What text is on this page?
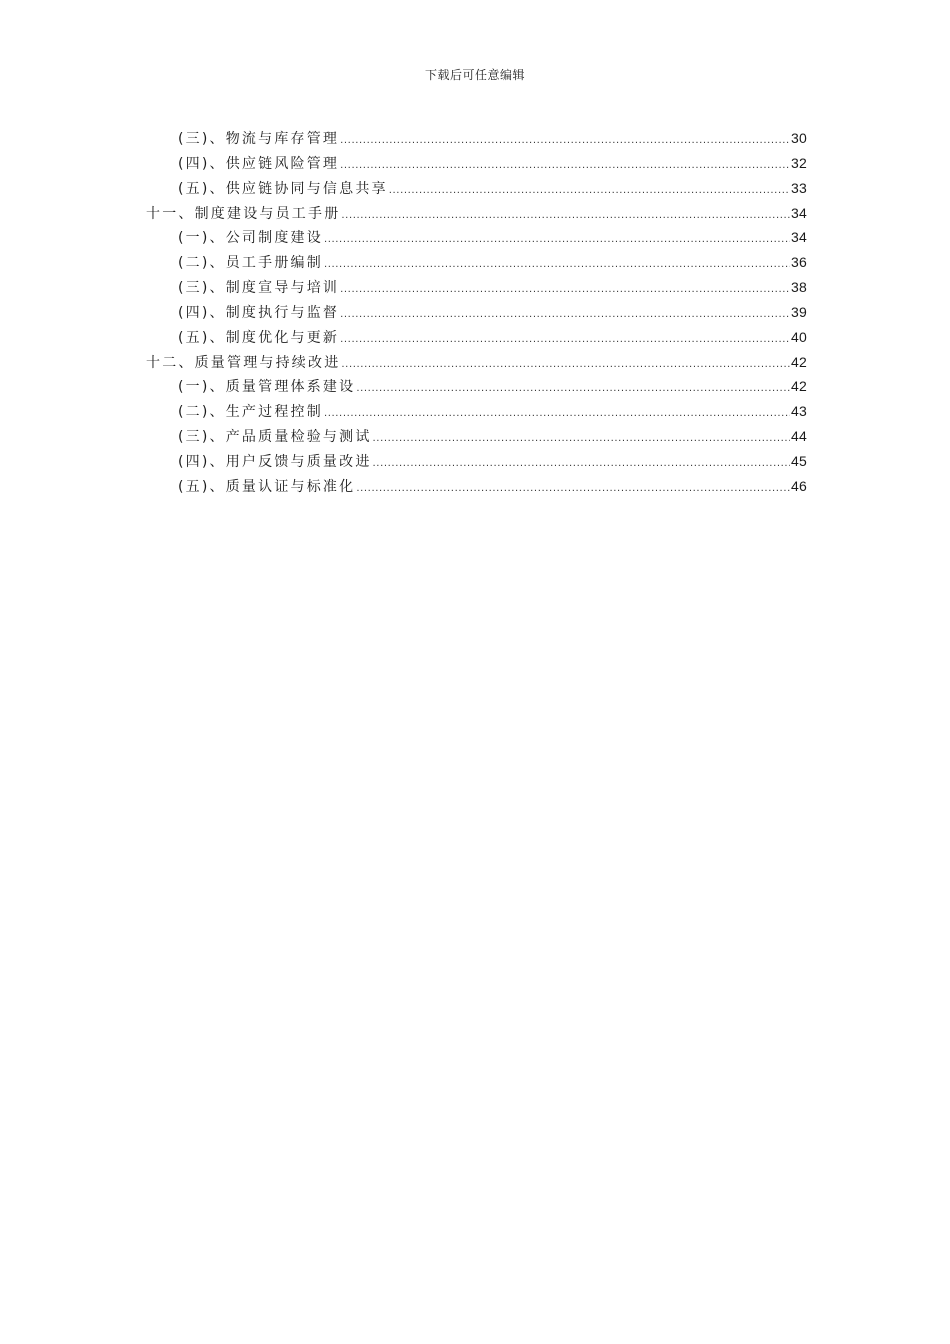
下载后可任意编辑
(三)、物流与库存管理 .....	30
(四)、供应链风险管理 .....	32
(五)、供应链协同与信息共享 .....	33
十一、制度建设与员工手册 .....	34
(一)、公司制度建设 .....	34
(二)、员工手册编制 .....	36
(三)、制度宣导与培训 .....	38
(四)、制度执行与监督 .....	39
(五)、制度优化与更新 .....	40
十二、质量管理与持续改进 .....	42
(一)、质量管理体系建设 .....	42
(二)、生产过程控制 .....	43
(三)、产品质量检验与测试 .....	44
(四)、用户反馈与质量改进 .....	45
(五)、质量认证与标准化 .....	46
